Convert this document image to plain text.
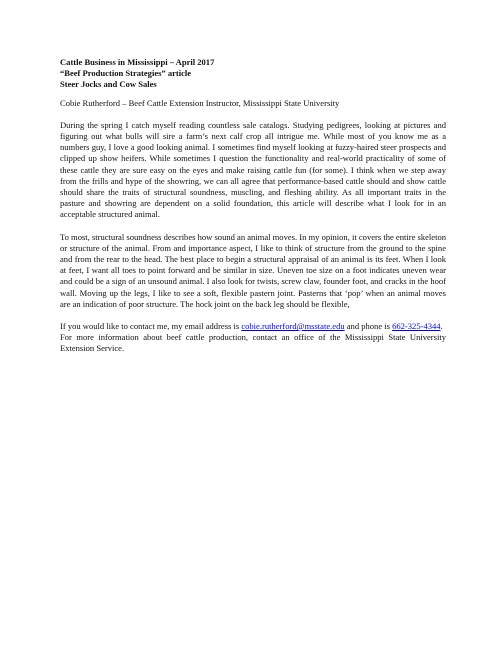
Cattle Business in Mississippi – April 2017
“Beef Production Strategies” article
Steer Jocks and Cow Sales
Cobie Rutherford – Beef Cattle Extension Instructor, Mississippi State University

During the spring I catch myself reading countless sale catalogs. Studying pedigrees, looking at pictures and figuring out what bulls will sire a farm’s next calf crop all intrigue me. While most of you know me as a numbers guy, I love a good looking animal. I sometimes find myself looking at fuzzy-haired steer prospects and clipped up show heifers. While sometimes I question the functionality and real-world practicality of some of these cattle they are sure easy on the eyes and make raising cattle fun (for some). I think when we step away from the frills and hype of the showring, we can all agree that performance-based cattle should and show cattle should share the traits of structural soundness, muscling, and fleshing ability. As all important traits in the pasture and showring are dependent on a solid foundation, this article will describe what I look for in an acceptable structured animal.

To most, structural soundness describes how sound an animal moves. In my opinion, it covers the entire skeleton or structure of the animal. From and importance aspect, I like to think of structure from the ground to the spine and from the rear to the head. The best place to begin a structural appraisal of an animal is its feet. When I look at feet, I want all toes to point forward and be similar in size. Uneven toe size on a foot indicates uneven wear and could be a sign of an unsound animal. I also look for twists, screw claw, founder foot, and cracks in the hoof wall. Moving up the legs, I like to see a soft, flexible pastern joint. Pasterns that ‘pop’ when an animal moves are an indication of poor structure. The hock joint on the back leg should be flexible,

If you would like to contact me, my email address is cobie.rutherford@msstate.edu and phone is 662-325-4344.

For more information about beef cattle production, contact an office of the Mississippi State University Extension Service.
